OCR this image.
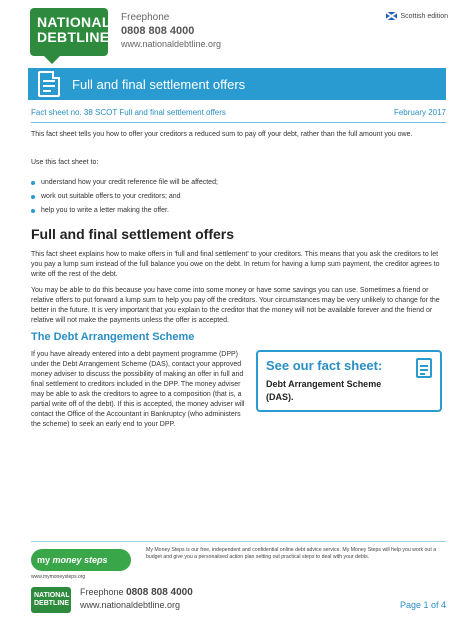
NATIONAL
DEBTLINE
Freephone
0808 808 4000
www.nationaldebtline.org
Scottish edition
Full and final settlement offers
Fact sheet no. 38 SCOT Full and final settlement offers	February 2017

This fact sheet tells you how to offer your creditors a reduced sum to pay off your debt, rather than the full amount you owe.

Use this fact sheet to:

understand how your credit reference file will be affected;
work out suitable offers to your creditors; and
help you to write a letter making the offer.
Full and final settlement offers

This fact sheet explains how to make offers in 'full and final settlement' to your creditors. This means that you ask the creditors to let you pay a lump sum instead of the full balance you owe on the debt. In return for having a lump sum payment, the creditor agrees to write off the rest of the debt.

You may be able to do this because you have come into some money or have some savings you can use. Sometimes a friend or relative offers to put forward a lump sum to help you pay off the creditors. Your circumstances may be very unlikely to change for the better in the future. It is very important that you explain to the creditor that the money will not be available forever and the friend or relative will not make the payments unless the offer is accepted.

The Debt Arrangement Scheme

If you have already entered into a debt payment programme (DPP) under the Debt Arrangement Scheme (DAS), contact your approved money adviser to discuss the possibility of making an offer in full and final settlement to creditors included in the DPP. The money adviser may be able to ask the creditors to agree to a composition (that is, a partial write off of the debt). If this is accepted, the money adviser will contact the Office of the Accountant in Bankruptcy (who administers the scheme) to seek an early end to your DPP.

See our fact sheet:
Debt Arrangement Scheme (DAS).
my money steps

My Money Steps is our free, independent and confidential online debt advice service. My Money Steps will help you work out a budget and give you a personalised action plan setting out practical steps to deal with your debts.

www.mymoneysteps.org
NATIONAL
DEBTLINE
Freephone 0808 808 4000
www.nationaldebtline.org	Page 1 of 4
